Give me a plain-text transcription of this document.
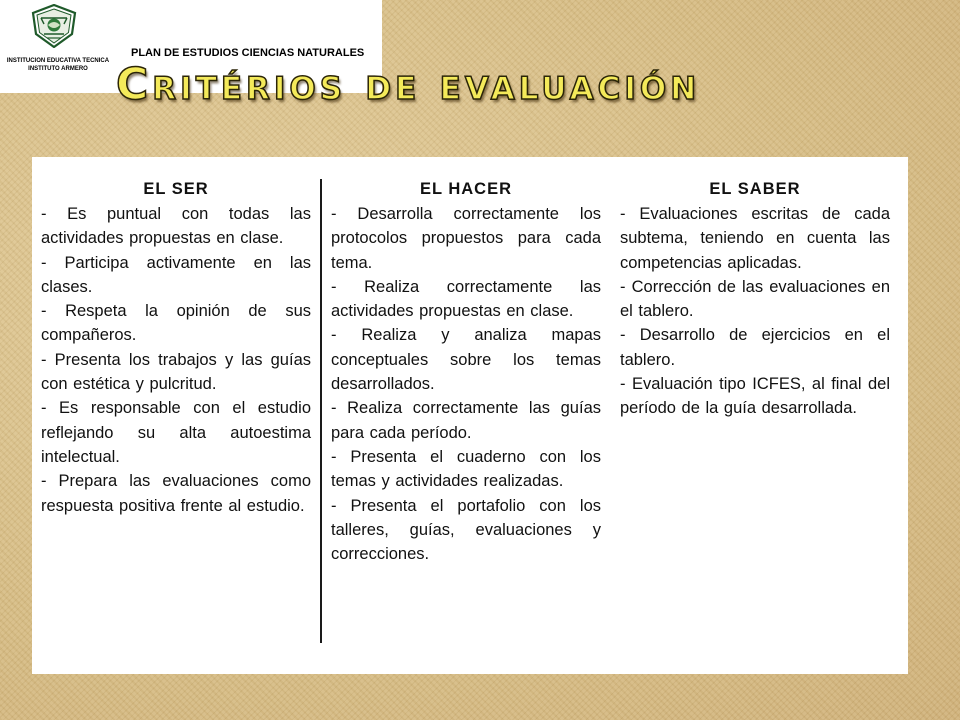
INSTITUCION EDUCATIVA TECNICA
INSTITUTO ARMERO
PLAN DE ESTUDIOS CIENCIAS NATURALES
Critérios de evaluación
EL SER
- Es puntual con todas las actividades propuestas en clase.
- Participa activamente en las clases.
- Respeta la opinión de sus compañeros.
- Presenta los trabajos y las guías con estética y pulcritud.
- Es responsable con el estudio reflejando su alta autoestima intelectual.
- Prepara las evaluaciones como respuesta positiva frente al estudio.
EL HACER
- Desarrolla correctamente los protocolos propuestos para cada tema.
- Realiza correctamente las actividades propuestas en clase.
- Realiza y analiza mapas conceptuales sobre los temas desarrollados.
- Realiza correctamente las guías para cada período.
- Presenta el cuaderno con los temas y actividades realizadas.
- Presenta el portafolio con los talleres, guías, evaluaciones y correcciones.
EL SABER
- Evaluaciones escritas de cada subtema, teniendo en cuenta las competencias aplicadas.
- Corrección de las evaluaciones en el tablero.
- Desarrollo de ejercicios en el tablero.
- Evaluación tipo ICFES, al final del período de la guía desarrollada.
